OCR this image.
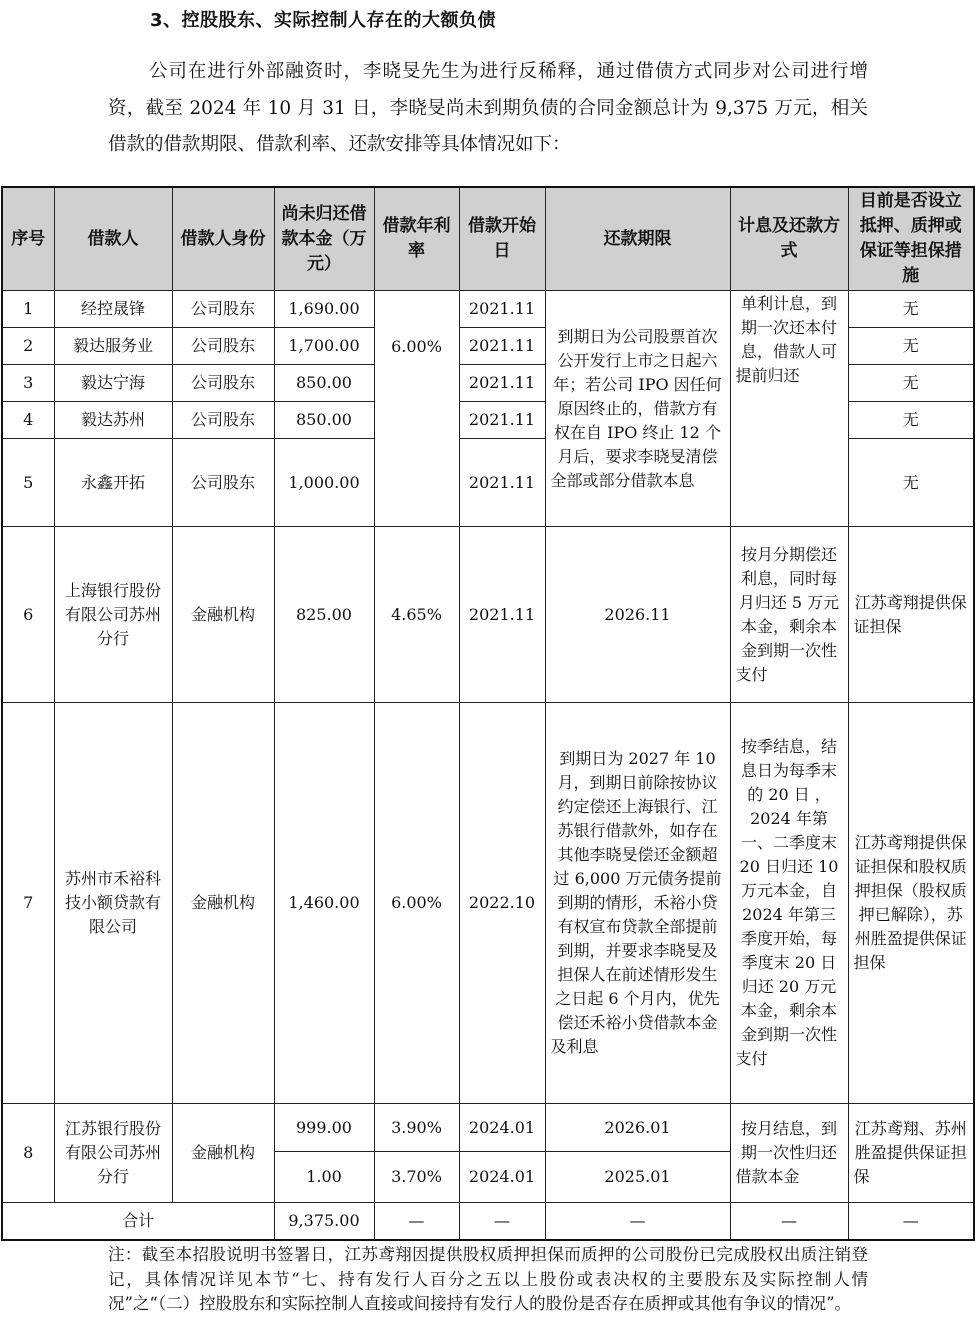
3、控股股东、实际控制人存在的大额负债
公司在进行外部融资时，李晓旻先生为进行反稀释，通过借债方式同步对公司进行增资，截至 2024 年 10 月 31 日，李晓旻尚未到期负债的合同金额总计为 9,375 万元，相关借款的借款期限、借款利率、还款安排等具体情况如下：
序号	借款人	借款人身份	尚未归还借款本金（万元）	借款年利率	借款开始日	还款期限	计息及还款方式	目前是否设立抵押、质押或保证等担保措施
1	经控晟锋	公司股东	1,690.00	6.00%	2021.11	到期日为公司股票首次公开发行上市之日起六年；若公司 IPO 因任何原因终止的，借款方有权在自 IPO 终止 12 个月后，要求李晓旻清偿全部或部分借款本息	单利计息，到期一次还本付息，借款人可提前归还	无
2	毅达服务业	公司股东	1,700.00		2021.11			无
3	毅达宁海	公司股东	850.00		2021.11			无
4	毅达苏州	公司股东	850.00		2021.11			无
5	永鑫开拓	公司股东	1,000.00		2021.11			无
6	上海银行股份有限公司苏州分行	金融机构	825.00	4.65%	2021.11	2026.11	按月分期偿还利息，同时每月归还 5 万元本金，剩余本金到期一次性支付	江苏鸢翔提供保证担保
7	苏州市禾裕科技小额贷款有限公司	金融机构	1,460.00	6.00%	2022.10	到期日为 2027 年 10 月，到期日前除按协议约定偿还上海银行、江苏银行借款外，如存在其他李晓旻偿还金额超过 6,000 万元债务提前到期的情形，禾裕小贷有权宣布贷款全部提前到期，并要求李晓旻及担保人在前述情形发生之日起 6 个月内，优先偿还禾裕小贷借款本金及利息	按季结息，结息日为每季末的 20 日 ，2024 年第一、二季度末 20 日归还 10 万元本金，自 2024 年第三季度开始，每季度末 20 日归还 20 万元本金，剩余本金到期一次性支付	江苏鸢翔提供保证担保和股权质押担保（股权质押已解除），苏州胜盈提供保证担保
8	江苏银行股份有限公司苏州分行	金融机构	999.00	3.90%	2024.01	2026.01	按月结息，到期一次性归还借款本金	江苏鸢翔、苏州胜盈提供保证担保
			1.00	3.70%	2024.01	2025.01		
合计			9,375.00	—	—	—	—	—
注：截至本招股说明书签署日，江苏鸢翔因提供股权质押担保而质押的公司股份已完成股权出质注销登记，具体情况详见本节“七、持有发行人百分之五以上股份或表决权的主要股东及实际控制人情况”之“（二）控股股东和实际控制人直接或间接持有发行人的股份是否存在质押或其他有争议的情况”。
